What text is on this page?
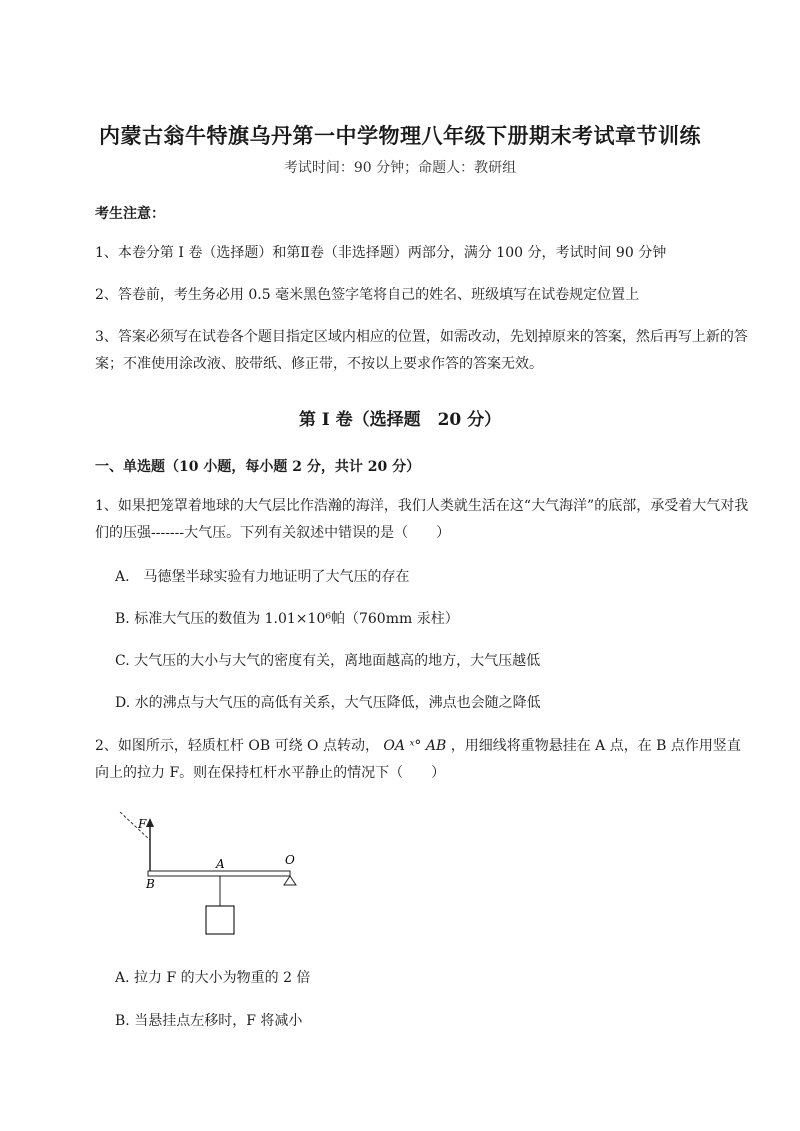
内蒙古翁牛特旗乌丹第一中学物理八年级下册期末考试章节训练
考试时间：90 分钟；命题人：教研组
考生注意：
1、本卷分第 I 卷（选择题）和第Ⅱ卷（非选择题）两部分，满分 100 分，考试时间 90 分钟
2、答卷前，考生务必用 0.5 毫米黑色签字笔将自己的姓名、班级填写在试卷规定位置上
3、答案必须写在试卷各个题目指定区域内相应的位置，如需改动，先划掉原来的答案，然后再写上新的答案；不准使用涂改液、胶带纸、修正带，不按以上要求作答的答案无效。
第 I 卷（选择题　20 分）
一、单选题（10 小题，每小题 2 分，共计 20 分）
1、如果把笼罩着地球的大气层比作浩瀚的海洋，我们人类就生活在这“大气海洋”的底部，承受着大气对我们的压强-------大气压。下列有关叙述中错误的是（　　）
A.　马德堡半球实验有力地证明了大气压的存在
B. 标准大气压的数值为 1.01×10⁶帕（760mm 汞柱）
C. 大气压的大小与大气的密度有关，离地面越高的地方，大气压越低
D. 水的沸点与大气压的高低有关系，大气压降低，沸点也会随之降低
2、如图所示，轻质杠杆 OB 可绕 O 点转动， OA ˣ° AB ，用细线将重物悬挂在 A 点，在 B 点作用竖直向上的拉力 F。则在保持杠杆水平静止的情况下（　　）
F
B
A	O
A. 拉力 F 的大小为物重的 2 倍
B. 当悬挂点左移时，F 将减小
